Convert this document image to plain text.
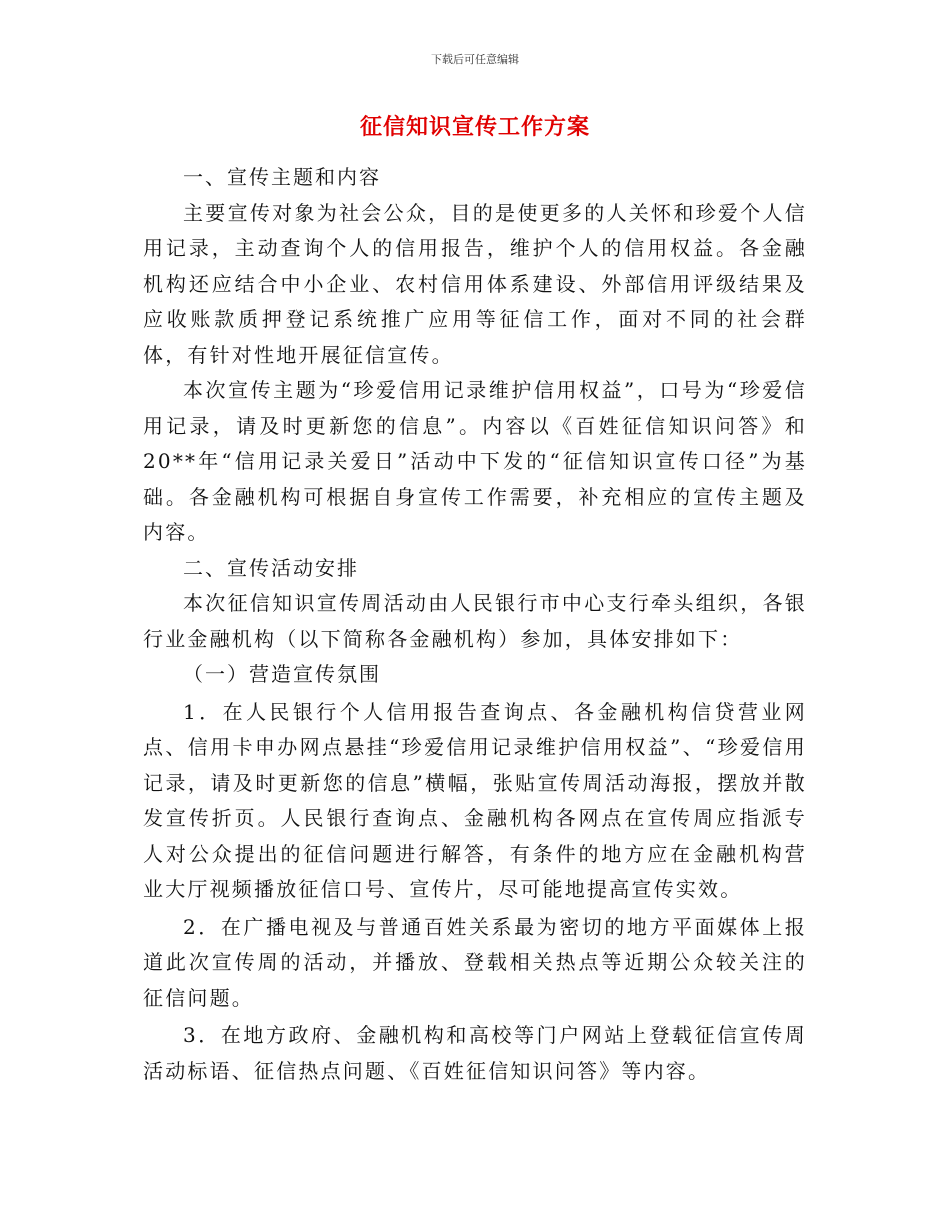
下载后可任意编辑
征信知识宣传工作方案

一、宣传主题和内容

主要宣传对象为社会公众，目的是使更多的人关怀和珍爱个人信用记录，主动查询个人的信用报告，维护个人的信用权益。各金融机构还应结合中小企业、农村信用体系建设、外部信用评级结果及应收账款质押登记系统推广应用等征信工作，面对不同的社会群体，有针对性地开展征信宣传。

本次宣传主题为“珍爱信用记录维护信用权益”，口号为“珍爱信用记录，请及时更新您的信息”。内容以《百姓征信知识问答》和20**年“信用记录关爱日”活动中下发的“征信知识宣传口径”为基础。各金融机构可根据自身宣传工作需要，补充相应的宣传主题及内容。

二、宣传活动安排

本次征信知识宣传周活动由人民银行市中心支行牵头组织，各银行业金融机构（以下简称各金融机构）参加，具体安排如下：

（一）营造宣传氛围

1．在人民银行个人信用报告查询点、各金融机构信贷营业网点、信用卡申办网点悬挂“珍爱信用记录维护信用权益”、“珍爱信用记录，请及时更新您的信息”横幅，张贴宣传周活动海报，摆放并散发宣传折页。人民银行查询点、金融机构各网点在宣传周应指派专人对公众提出的征信问题进行解答，有条件的地方应在金融机构营业大厅视频播放征信口号、宣传片，尽可能地提高宣传实效。

2．在广播电视及与普通百姓关系最为密切的地方平面媒体上报道此次宣传周的活动，并播放、登载相关热点等近期公众较关注的征信问题。

3．在地方政府、金融机构和高校等门户网站上登载征信宣传周活动标语、征信热点问题、《百姓征信知识问答》等内容。
